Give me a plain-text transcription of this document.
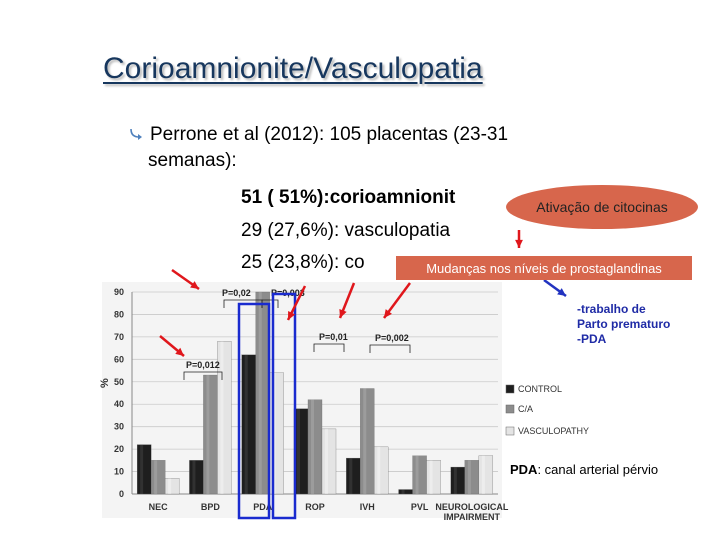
Corioamnionite/Vasculopatia
Perrone et al (2012): 105 placentas (23-31
semanas):
51 ( 51%):corioamnionit
29 (27,6%): vasculopatia
25 (23,8%): co
0
10
20
30
40
50
60
70
80
90
%
NEC	BPD	PDA	ROP	IVH	PVL NEUROLOGICAL
IMPAIRMENT
CONTROL
C/A
VASCULOPATHY
P=0,012
P=0,02 P=0,003
P=0,01	P=0,002
Ativação de citocinas
Mudanças nos níveis de prostaglandinas
-trabalho de
Parto prematuro
-PDA
PDA: canal arterial pérvio
